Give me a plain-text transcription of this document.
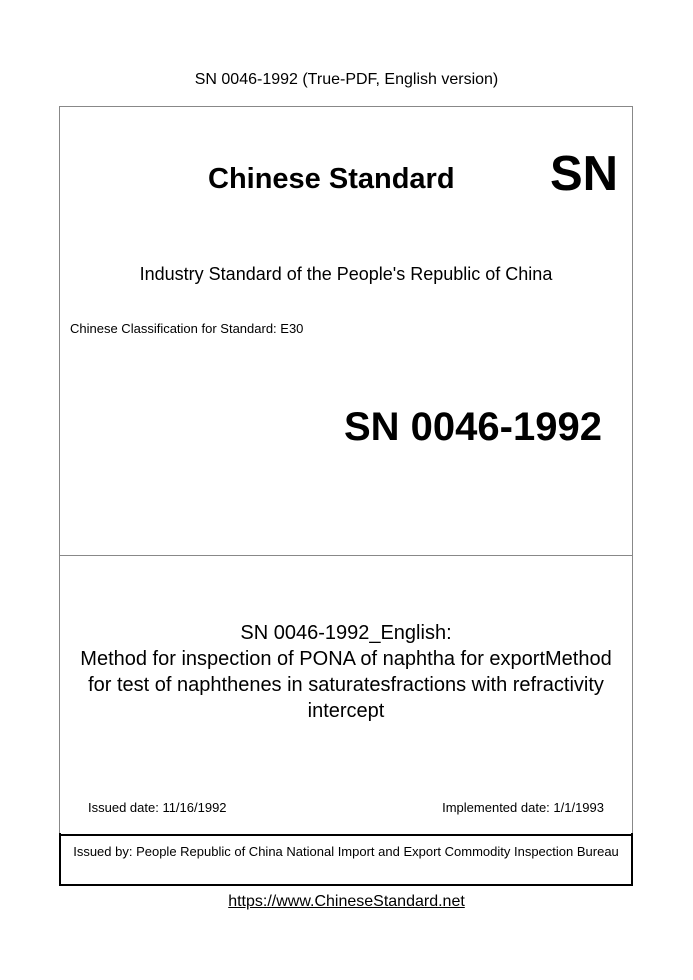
SN 0046-1992 (True-PDF, English version)
Chinese Standard SN
Industry Standard of the People's Republic of China
Chinese Classification for Standard: E30
SN 0046-1992
SN 0046-1992_English:
Method for inspection of PONA of naphtha for exportMethod
for test of naphthenes in saturatesfractions with refractivity
intercept
Issued date: 11/16/1992	Implemented date: 1/1/1993
Issued by: People Republic of China National Import and Export Commodity Inspection Bureau
https://www.ChineseStandard.net
